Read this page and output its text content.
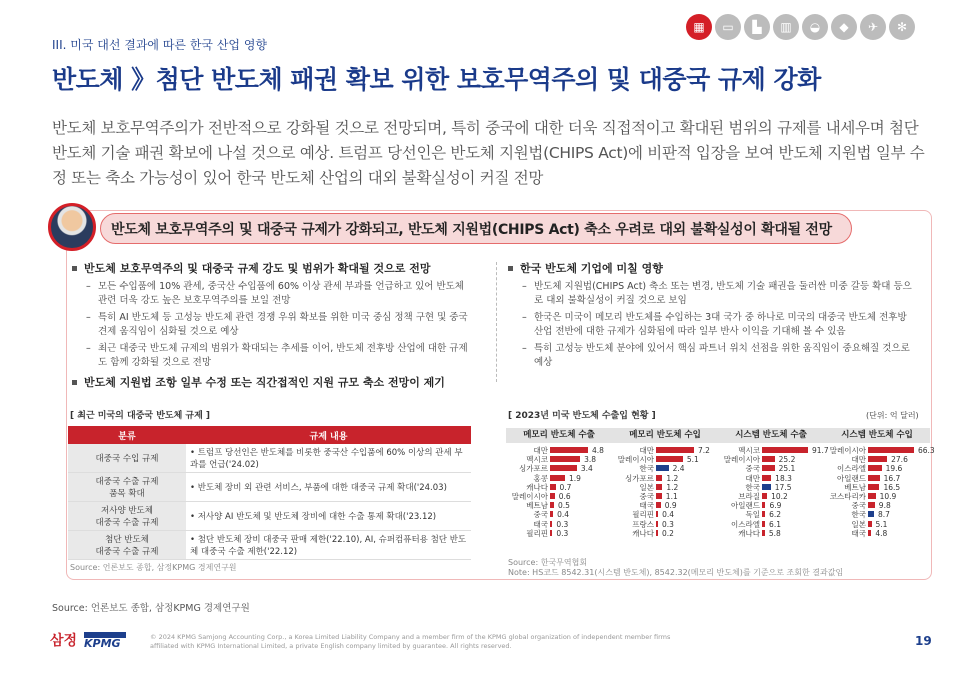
III. 미국 대선 결과에 따른 한국 산업 영향
반도체 》첨단 반도체 패권 확보 위한 보호무역주의 및 대중국 규제 강화
▦	▭	▙	▥	◒	◆	✈	✻
반도체 보호무역주의가 전반적으로 강화될 것으로 전망되며, 특히 중국에 대한 더욱 직접적이고 확대된 범위의 규제를 내세우며 첨단 반도체 기술 패권 확보에 나설 것으로 예상. 트럼프 당선인은 반도체 지원법(CHIPS Act)에 비판적 입장을 보여 반도체 지원법 일부 수정 또는 축소 가능성이 있어 한국 반도체 산업의 대외 불확실성이 커질 전망
반도체 보호무역주의 및 대중국 규제가 강화되고, 반도체 지원법(CHIPS Act) 축소 우려로 대외 불확실성이 확대될 전망
반도체 보호무역주의 및 대중국 규제 강도 및 범위가 확대될 것으로 전망
– 모든 수입품에 10% 관세, 중국산 수입품에 60% 이상 관세 부과를 언급하고 있어 반도체 관련 더욱 강도 높은 보호무역주의를 보일 전망
– 특히 AI 반도체 등 고성능 반도체 관련 경쟁 우위 확보를 위한 미국 중심 정책 구현 및 중국 견제 움직임이 심화될 것으로 예상
– 최근 대중국 반도체 규제의 범위가 확대되는 추세를 이어, 반도체 전후방 산업에 대한 규제도 함께 강화될 것으로 전망
반도체 지원법 조항 일부 수정 또는 직간접적인 지원 규모 축소 전망이 제기
한국 반도체 기업에 미칠 영향
– 반도체 지원법(CHIPS Act) 축소 또는 변경, 반도체 기술 패권을 둘러싼 미중 갈등 확대 등으로 대외 불확실성이 커질 것으로 보임
– 한국은 미국이 메모리 반도체를 수입하는 3대 국가 중 하나로 미국의 대중국 반도체 전후방 산업 전반에 대한 규제가 심화됨에 따라 일부 반사 이익을 기대해 볼 수 있음
– 특히 고성능 반도체 분야에 있어서 핵심 파트너 위치 선점을 위한 움직임이 중요해질 것으로 예상
[ 최근 미국의 대중국 반도체 규제 ]
분류	규제 내용
대중국 수입 규제	• 트럼프 당선인은 반도체를 비롯한 중국산 수입품에 60% 이상의 관세 부과를 언급('24.02)
대중국 수출 규제
품목 확대	• 반도체 장비 외 관련 서비스, 부품에 대한 대중국 규제 확대('24.03)
저사양 반도체
대중국 수출 규제	• 저사양 AI 반도체 및 반도체 장비에 대한 수출 통제 확대('23.12)
첨단 반도체
대중국 수출 규제	• 첨단 반도체 장비 대중국 판매 제한('22.10), AI, 슈퍼컴퓨터용 첨단 반도체 대중국 수출 제한('22.12)
Source: 언론보도 종합, 삼정KPMG 경제연구원
[ 2023년 미국 반도체 수출입 현황 ]	(단위: 억 달러)
메모리 반도체 수출
대만	4.8
멕시코	3.8
싱가포르	3.4
홍콩	1.9
캐나다 0.7
말레이시아 0.6
베트남 0.5
중국 0.4
태국 0.3
필리핀 0.3
메모리 반도체 수입
대만	7.2
말레이시아	5.1
한국 2.4
싱가포르 1.2
일본 1.2
중국 1.1
태국 0.9
필리핀 0.4
프랑스 0.3
캐나다 0.2
시스템 반도체 수출
멕시코	91.7
말레이시아 25.2
중국 25.1
대만 18.3
한국 17.5
브라질 10.2
아일랜드 6.9
독일 6.2
이스라엘 6.1
캐나다 5.8
시스템 반도체 수입
말레이시아	66.3
대만	27.6
이스라엘	19.6
아일랜드 16.7
베트남 16.5
코스타리카 10.9
중국 9.8
한국 8.7
일본 5.1
태국 4.8
Source: 한국무역협회
Note: HS코드 8542.31(시스템 반도체), 8542.32(메모리 반도체)를 기준으로 조회한 결과값임
Source: 언론보도 종합, 삼정KPMG 경제연구원
삼정 KPMG	© 2024 KPMG Samjong Accounting Corp., a Korea Limited Liability Company and a member firm of the KPMG global organization of independent member firms affiliated with KPMG International Limited, a private English company limited by guarantee. All rights reserved.	19
